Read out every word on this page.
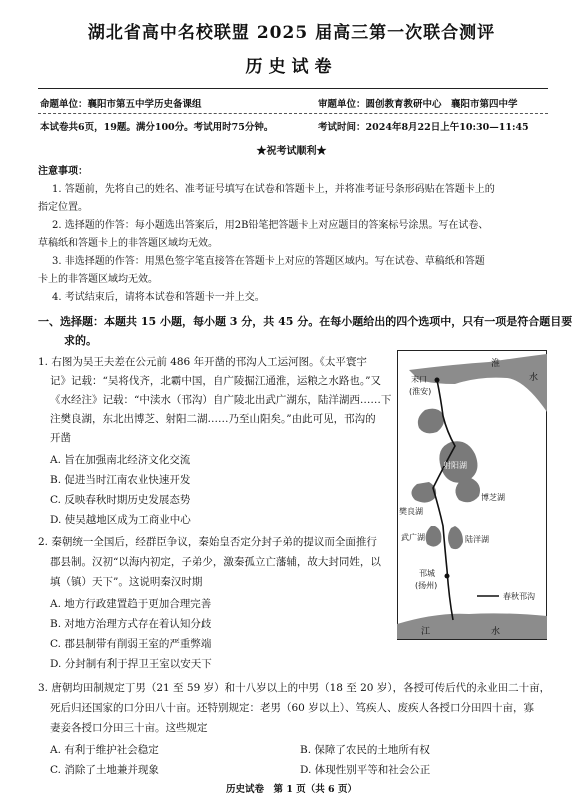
湖北省高中名校联盟 2025 届高三第一次联合测评
历史试卷
命题单位：襄阳市第五中学历史备课组	审题单位：圆创教育教研中心　襄阳市第四中学
本试卷共6页，19题。满分100分。考试用时75分钟。	考试时间：2024年8月22日上午10:30—11:45
★祝考试顺利★
注意事项：
1. 答题前，先将自己的姓名、准考证号填写在试卷和答题卡上，并将准考证号条形码贴在答题卡上的
指定位置。
2. 选择题的作答：每小题选出答案后，用2B铅笔把答题卡上对应题目的答案标号涂黑。写在试卷、
草稿纸和答题卡上的非答题区域均无效。
3. 非选择题的作答：用黑色签字笔直接答在答题卡上对应的答题区域内。写在试卷、草稿纸和答题
卡上的非答题区域均无效。
4. 考试结束后，请将本试卷和答题卡一并上交。
一、选择题：本题共 15 小题，每小题 3 分，共 45 分。在每小题给出的四个选项中，只有一项是符合题目要
求的。
1. 右图为吴王夫差在公元前 486 年开凿的邗沟人工运河图。《太平寰宇
记》记载：“吴将伐齐，北霸中国，自广陵掘江通淮，运粮之水路也。”又
《水经注》记载：“中渎水（邗沟）自广陵北出武广湖东，陆洋湖西……下
注樊良湖，东北出博芝、射阳二湖……乃至山阳矣。”由此可见，邗沟的
开凿
A. 旨在加强南北经济文化交流
B. 促进当时江南农业快速开发
C. 反映春秋时期历史发展态势
D. 使吴越地区成为工商业中心
2. 秦朝统一全国后，经群臣争议，秦始皇否定分封子弟的提议而全面推行
郡县制。汉初“以海内初定，子弟少，激秦孤立亡藩辅，故大封同姓，以
填（镇）天下”。这说明秦汉时期
A. 地方行政建置趋于更加合理完善
B. 对地方治理方式存在着认知分歧
C. 郡县制带有削弱王室的严重弊端
D. 分封制有利于捍卫王室以安天下
3. 唐朝均田制规定丁男（21 至 59 岁）和十八岁以上的中男（18 至 20 岁），各授可传后代的永业田二十亩，
死后归还国家的口分田八十亩。还特别规定：老男（60 岁以上）、笃疾人、废疾人各授口分田四十亩，寡
妻妾各授口分田三十亩。这些规定
A. 有利于维护社会稳定	B. 保障了农民的土地所有权
C. 消除了土地兼并现象	D. 体现性别平等和社会公正
淮
水
末口
(淮安)
射阳湖
樊良湖
博芝湖
武广湖	陆洋湖
邗城
(扬州)
江	水
春秋邗沟
历史试卷　第 1 页（共 6 页）
